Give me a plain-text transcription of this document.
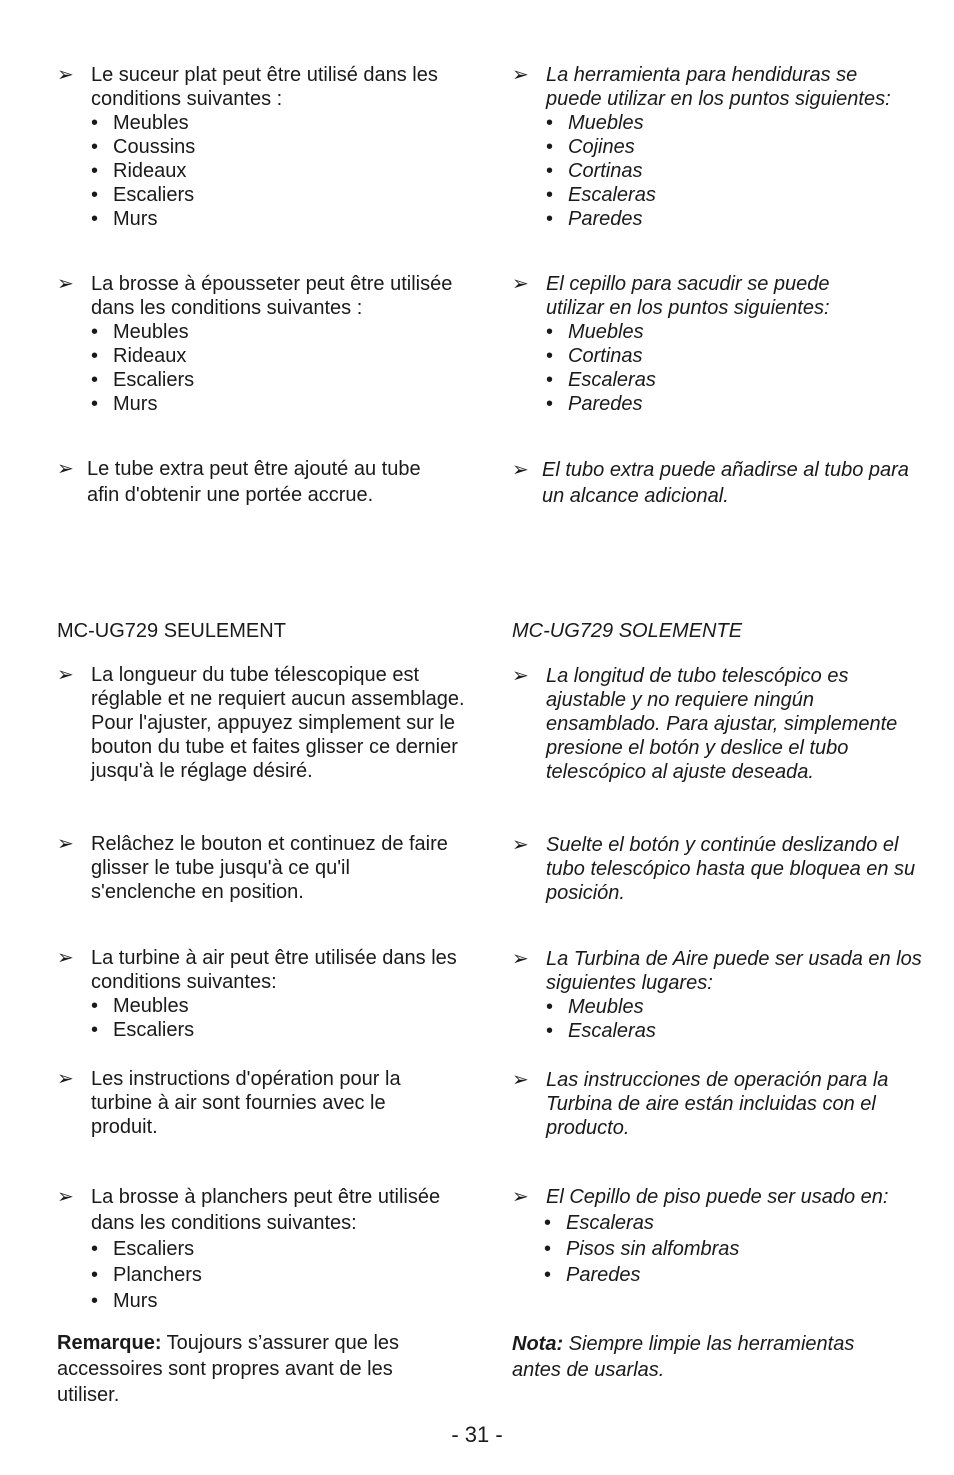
➢ Le suceur plat peut être utilisé dans les conditions suivantes :
• Meubles
• Coussins
• Rideaux
• Escaliers
• Murs
➢ La brosse à épousseter peut être utilisée dans les conditions suivantes :
• Meubles
• Rideaux
• Escaliers
• Murs
➢ Le tube extra peut être ajouté au tube afin d'obtenir une portée accrue.
MC-UG729 SEULEMENT
➢ La longueur du tube télescopique est réglable et ne requiert aucun assemblage. Pour l'ajuster, appuyez simplement sur le bouton du tube et faites glisser ce dernier jusqu'à le réglage désiré.
➢ Relâchez le bouton et continuez de faire glisser le tube jusqu'à ce qu'il s'enclenche en position.
➢ La turbine à air peut être utilisée dans les conditions suivantes:
• Meubles
• Escaliers
➢ Les instructions d'opération pour la turbine à air sont fournies avec le produit.
➢ La brosse à planchers peut être utilisée dans les conditions suivantes:
• Escaliers
• Planchers
• Murs
Remarque: Toujours s’assurer que les accessoires sont propres avant de les utiliser.
➢ La herramienta para hendiduras se puede utilizar en los puntos siguientes:
• Muebles
• Cojines
• Cortinas
• Escaleras
• Paredes
➢ El cepillo para sacudir se puede utilizar en los puntos siguientes:
• Muebles
• Cortinas
• Escaleras
• Paredes
➢ El tubo extra puede añadirse al tubo para un alcance adicional.
MC-UG729 SOLEMENTE
➢ La longitud de tubo telescópico es ajustable y no requiere ningún ensamblado. Para ajustar, simplemente presione el botón y deslice el tubo telescópico al ajuste deseada.
➢ Suelte el botón y continúe deslizando el tubo telescópico hasta que bloquea en su posición.
➢ La Turbina de Aire puede ser usada en los siguientes lugares:
• Meubles
• Escaleras
➢ Las instrucciones de operación para la Turbina de aire están incluidas con el producto.
➢ El Cepillo de piso puede ser usado en:
• Escaleras
• Pisos sin alfombras
• Paredes
Nota: Siempre limpie las herramientas antes de usarlas.
- 31 -
